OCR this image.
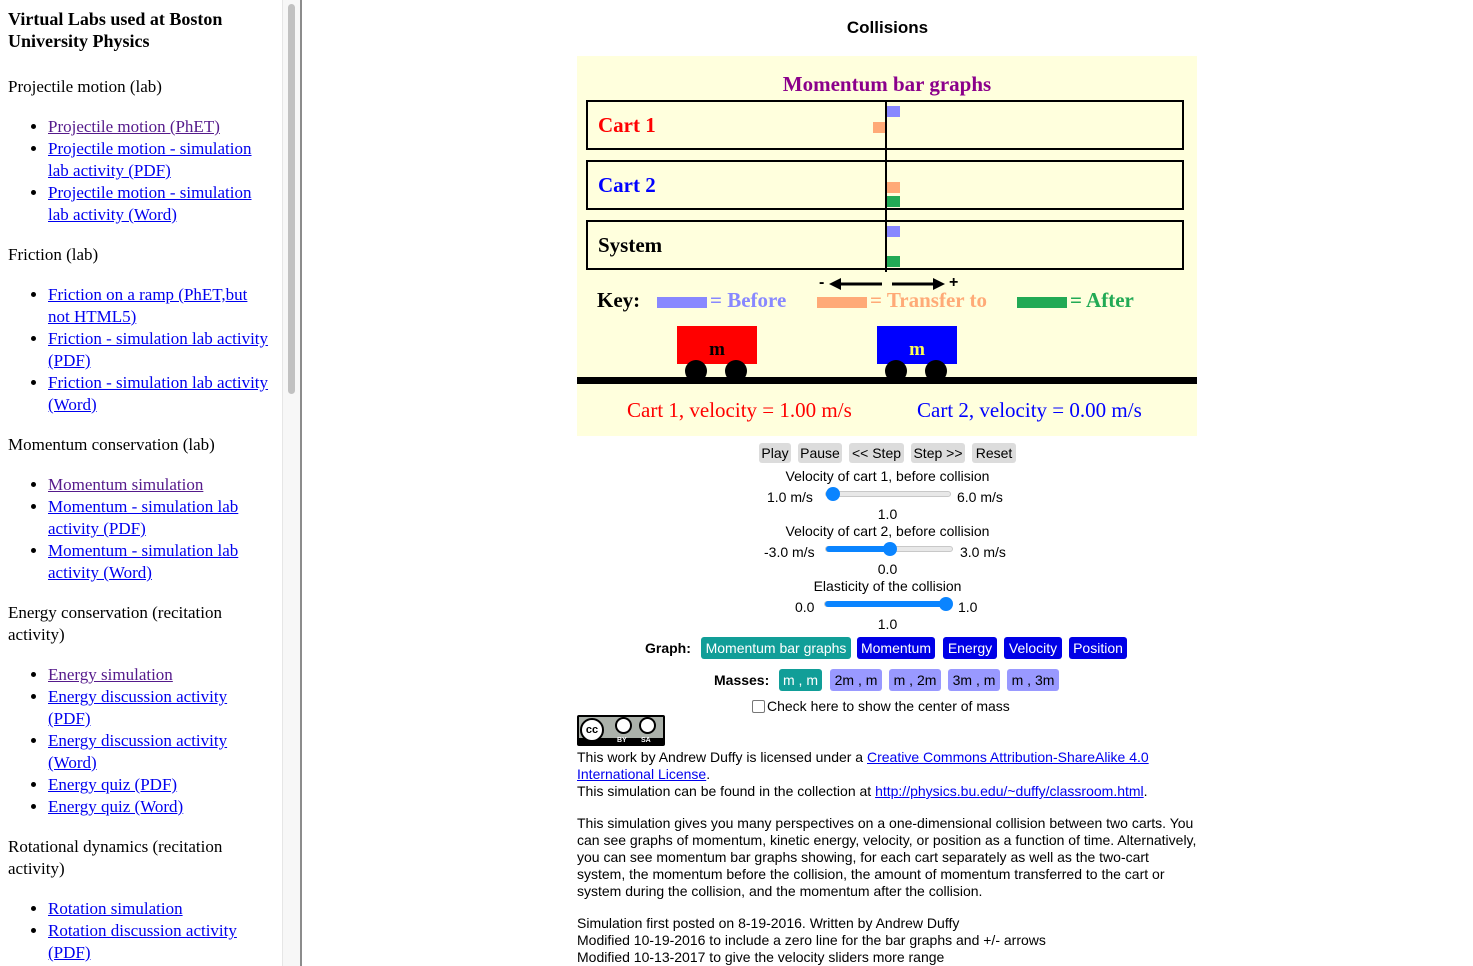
Virtual Labs used at Boston University Physics
Projectile motion (lab)
• Projectile motion (PhET)
• Projectile motion - simulation lab activity (PDF)
• Projectile motion - simulation lab activity (Word)
Friction (lab)
• Friction on a ramp (PhET,but not HTML5)
• Friction - simulation lab activity (PDF)
• Friction - simulation lab activity (Word)
Momentum conservation (lab)
• Momentum simulation
• Momentum - simulation lab activity (PDF)
• Momentum - simulation lab activity (Word)
Energy conservation (recitation activity)
• Energy simulation
• Energy discussion activity (PDF)
• Energy discussion activity (Word)
• Energy quiz (PDF)
• Energy quiz (Word)
Rotational dynamics (recitation activity)
• Rotation simulation
• Rotation discussion activity (PDF)
Collisions
Momentum bar graphs
Cart 1
Cart 2
System
-	+
Key:	= Before	= Transfer to	= After
m	m
Cart 1, velocity = 1.00 m/s	Cart 2, velocity = 0.00 m/s
Play Pause << Step Step >> Reset
Velocity of cart 1, before collision
1.0 m/s	6.0 m/s
1.0
Velocity of cart 2, before collision
-3.0 m/s	3.0 m/s
0.0
Elasticity of the collision
0.0	1.0
1.0
Graph:	Momentum bar graphs	Momentum	Energy	Velocity	Position
Masses: m , m	2m , m	m , 2m	3m , m	m , 3m
Check here to show the center of mass
cc
BY SA
This work by Andrew Duffy is licensed under a Creative Commons Attribution-ShareAlike 4.0 International License.
This simulation can be found in the collection at http://physics.bu.edu/~duffy/classroom.html.
This simulation gives you many perspectives on a one-dimensional collision between two carts. You can see graphs of momentum, kinetic energy, velocity, or position as a function of time. Alternatively, you can see momentum bar graphs showing, for each cart separately as well as the two-cart system, the momentum before the collision, the amount of momentum transferred to the cart or system during the collision, and the momentum after the collision.
Simulation first posted on 8-19-2016. Written by Andrew Duffy
Modified 10-19-2016 to include a zero line for the bar graphs and +/- arrows
Modified 10-13-2017 to give the velocity sliders more range
